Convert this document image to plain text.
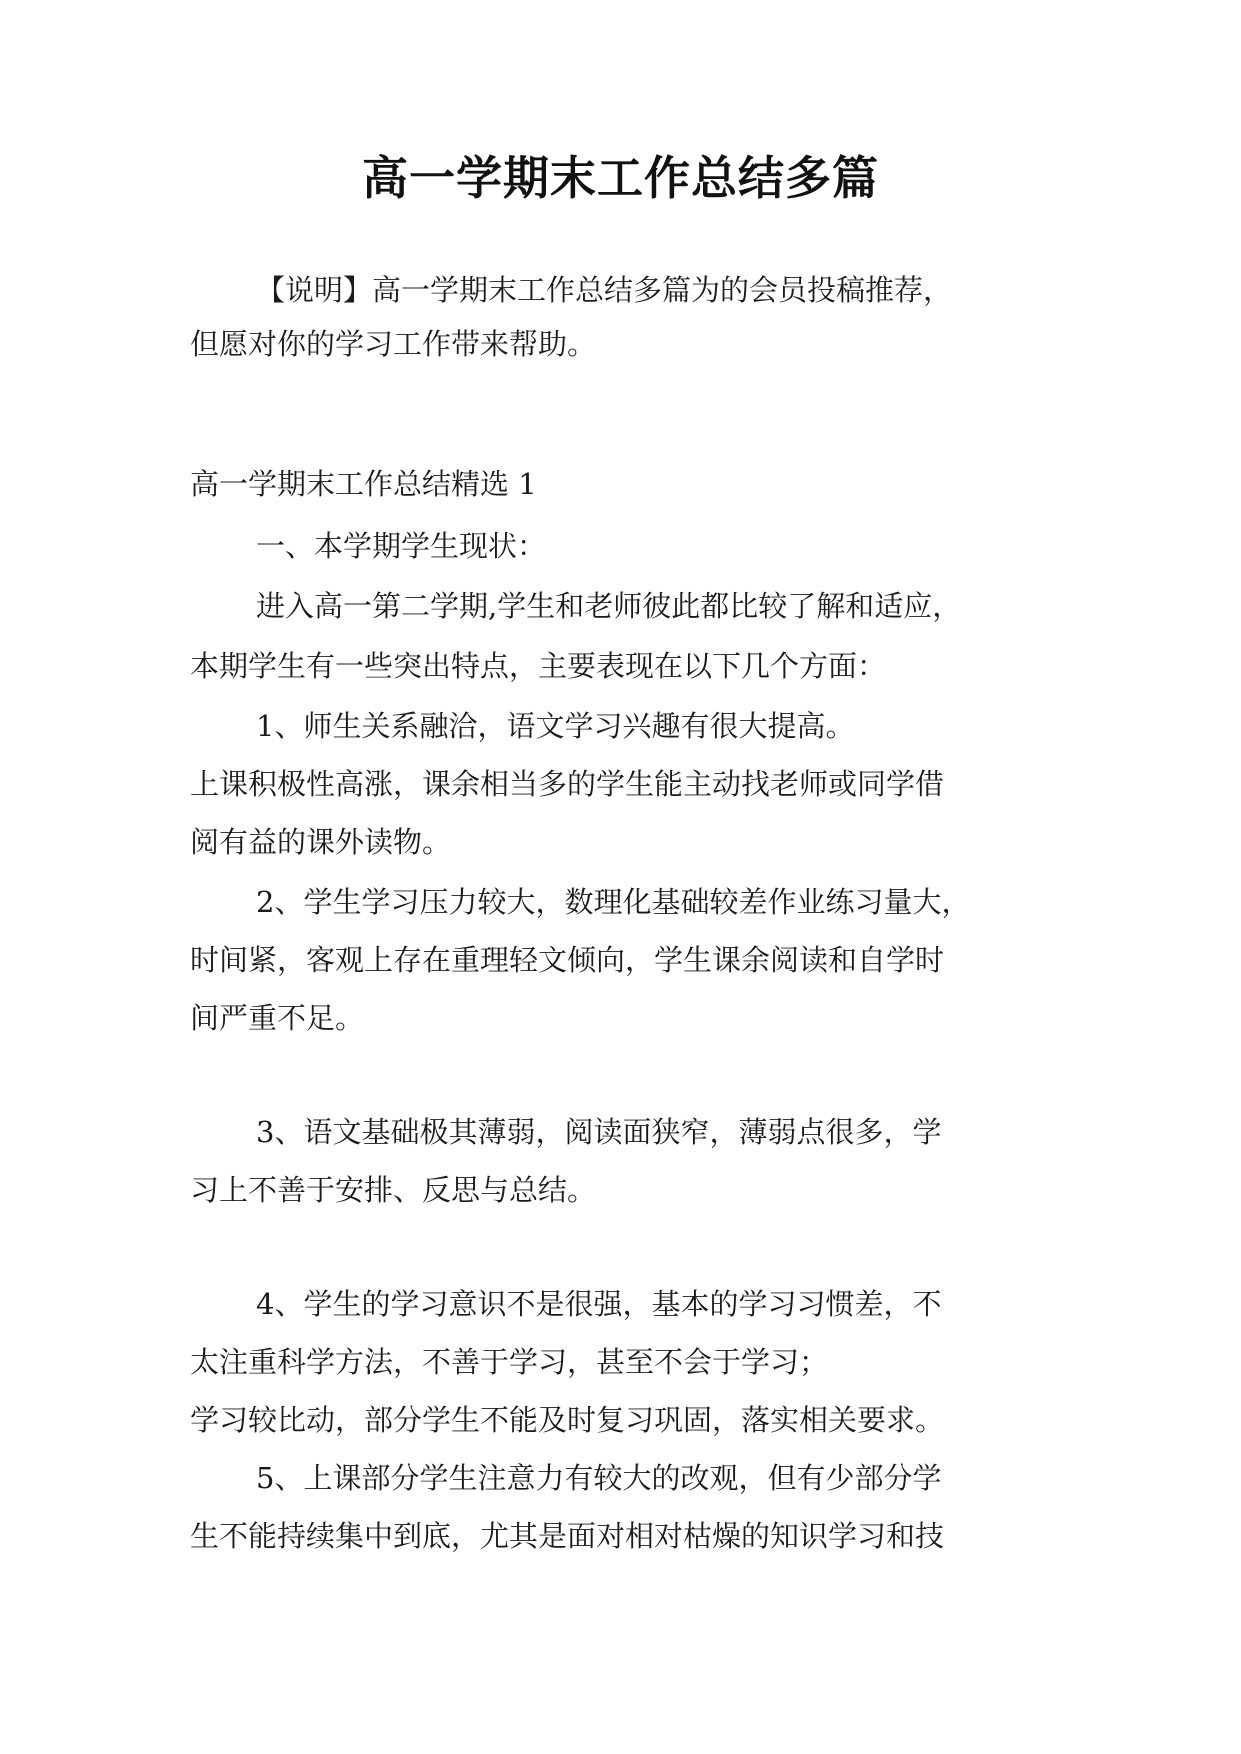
高一学期末工作总结多篇
【说明】高一学期末工作总结多篇为的会员投稿推荐，
但愿对你的学习工作带来帮助。
高一学期末工作总结精选 1
一、本学期学生现状：
进入高一第二学期,学生和老师彼此都比较了解和适应，
本期学生有一些突出特点，主要表现在以下几个方面：
1、师生关系融洽，语文学习兴趣有很大提高。
上课积极性高涨，课余相当多的学生能主动找老师或同学借
阅有益的课外读物。
2、学生学习压力较大，数理化基础较差作业练习量大，
时间紧，客观上存在重理轻文倾向，学生课余阅读和自学时
间严重不足。
3、语文基础极其薄弱，阅读面狭窄，薄弱点很多，学
习上不善于安排、反思与总结。
4、学生的学习意识不是很强，基本的学习习惯差，不
太注重科学方法，不善于学习，甚至不会于学习；
学习较比动，部分学生不能及时复习巩固，落实相关要求。
5、上课部分学生注意力有较大的改观，但有少部分学
生不能持续集中到底，尤其是面对相对枯燥的知识学习和技
